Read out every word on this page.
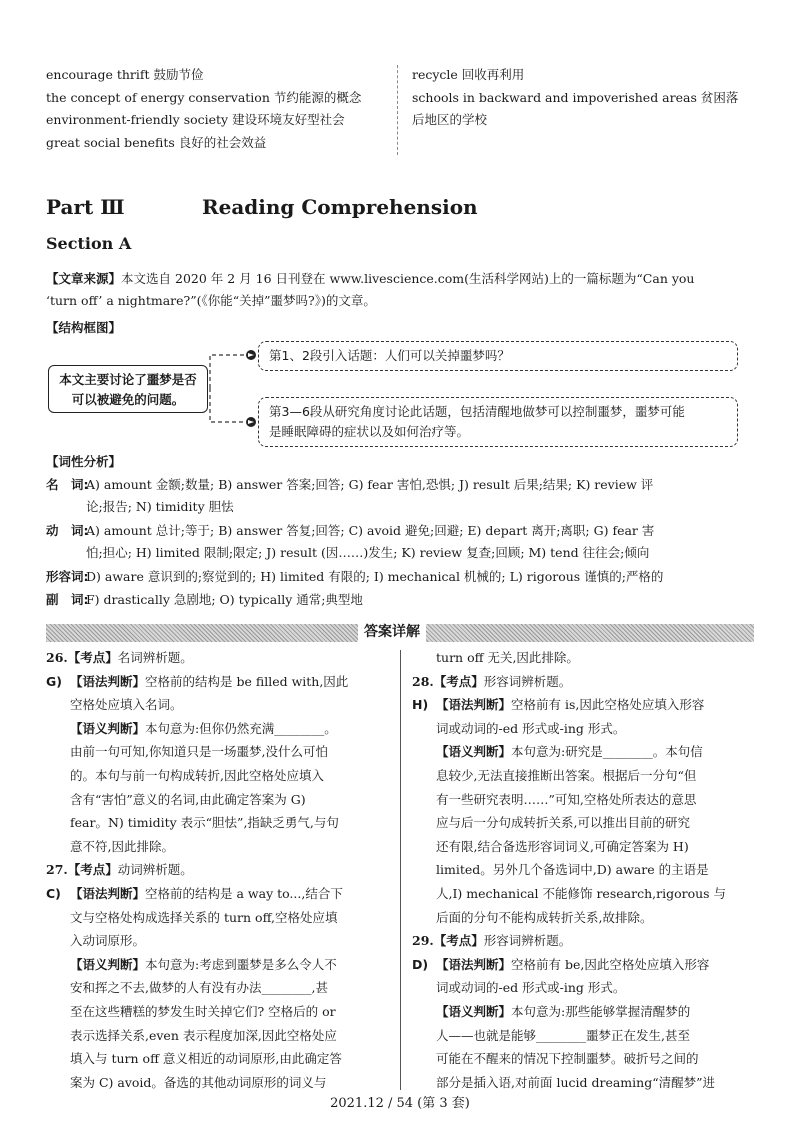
encourage thrift 鼓励节俭
the concept of energy conservation 节约能源的概念
environment-friendly society 建设环境友好型社会
great social benefits 良好的社会效益
recycle 回收再利用
schools in backward and impoverished areas 贫困落
后地区的学校
Part Ⅲ	Reading Comprehension
Section A
【文章来源】本文选自 2020 年 2 月 16 日刊登在 www.livescience.com(生活科学网站)上的一篇标题为“Can you
‘turn off’ a nightmare?”(《你能“关掉”噩梦吗?》)的文章。
【结构框图】
本文主要讨论了噩梦是否可以被避免的问题。
第1、2段引入话题：人们可以关掉噩梦吗？
第3—6段从研究角度讨论此话题，包括清醒地做梦可以控制噩梦，噩梦可能
是睡眠障碍的症状以及如何治疗等。
【词性分析】
名　词:A) amount 金额;数量; B) answer 答案;回答; G) fear 害怕,恐惧; J) result 后果;结果; K) review 评
论;报告; N) timidity 胆怯
动　词:A) amount 总计;等于; B) answer 答复;回答; C) avoid 避免;回避; E) depart 离开;离职; G) fear 害
怕;担心; H) limited 限制;限定; J) result (因……)发生; K) review 复查;回顾; M) tend 往往会;倾向
形容词:D) aware 意识到的;察觉到的; H) limited 有限的; I) mechanical 机械的; L) rigorous 谨慎的;严格的
副　词:F) drastically 急剧地; O) typically 通常;典型地
答案详解
26.【考点】名词辨析题。
G) 【语法判断】空格前的结构是 be filled with,因此
空格处应填入名词。
【语义判断】本句意为:但你仍然充满________。
由前一句可知,你知道只是一场噩梦,没什么可怕
的。本句与前一句构成转折,因此空格处应填入
含有“害怕”意义的名词,由此确定答案为 G)
fear。N) timidity 表示“胆怯”,指缺乏勇气,与句
意不符,因此排除。
27.【考点】动词辨析题。
C) 【语法判断】空格前的结构是 a way to...,结合下
文与空格处构成选择关系的 turn off,空格处应填
入动词原形。
【语义判断】本句意为:考虑到噩梦是多么令人不
安和挥之不去,做梦的人有没有办法________,甚
至在这些糟糕的梦发生时关掉它们? 空格后的 or
表示选择关系,even 表示程度加深,因此空格处应
填入与 turn off 意义相近的动词原形,由此确定答
案为 C) avoid。备选的其他动词原形的词义与
turn off 无关,因此排除。
28.【考点】形容词辨析题。
H) 【语法判断】空格前有 is,因此空格处应填入形容
词或动词的-ed 形式或-ing 形式。
【语义判断】本句意为:研究是________。本句信
息较少,无法直接推断出答案。根据后一分句“但
有一些研究表明……”可知,空格处所表达的意思
应与后一分句成转折关系,可以推出目前的研究
还有限,结合备选形容词词义,可确定答案为 H)
limited。另外几个备选词中,D) aware 的主语是
人,I) mechanical 不能修饰 research,rigorous 与
后面的分句不能构成转折关系,故排除。
29.【考点】形容词辨析题。
D) 【语法判断】空格前有 be,因此空格处应填入形容
词或动词的-ed 形式或-ing 形式。
【语义判断】本句意为:那些能够掌握清醒梦的
人——也就是能够________噩梦正在发生,甚至
可能在不醒来的情况下控制噩梦。破折号之间的
部分是插入语,对前面 lucid dreaming“清醒梦”进
2021.12 / 54 (第 3 套)
